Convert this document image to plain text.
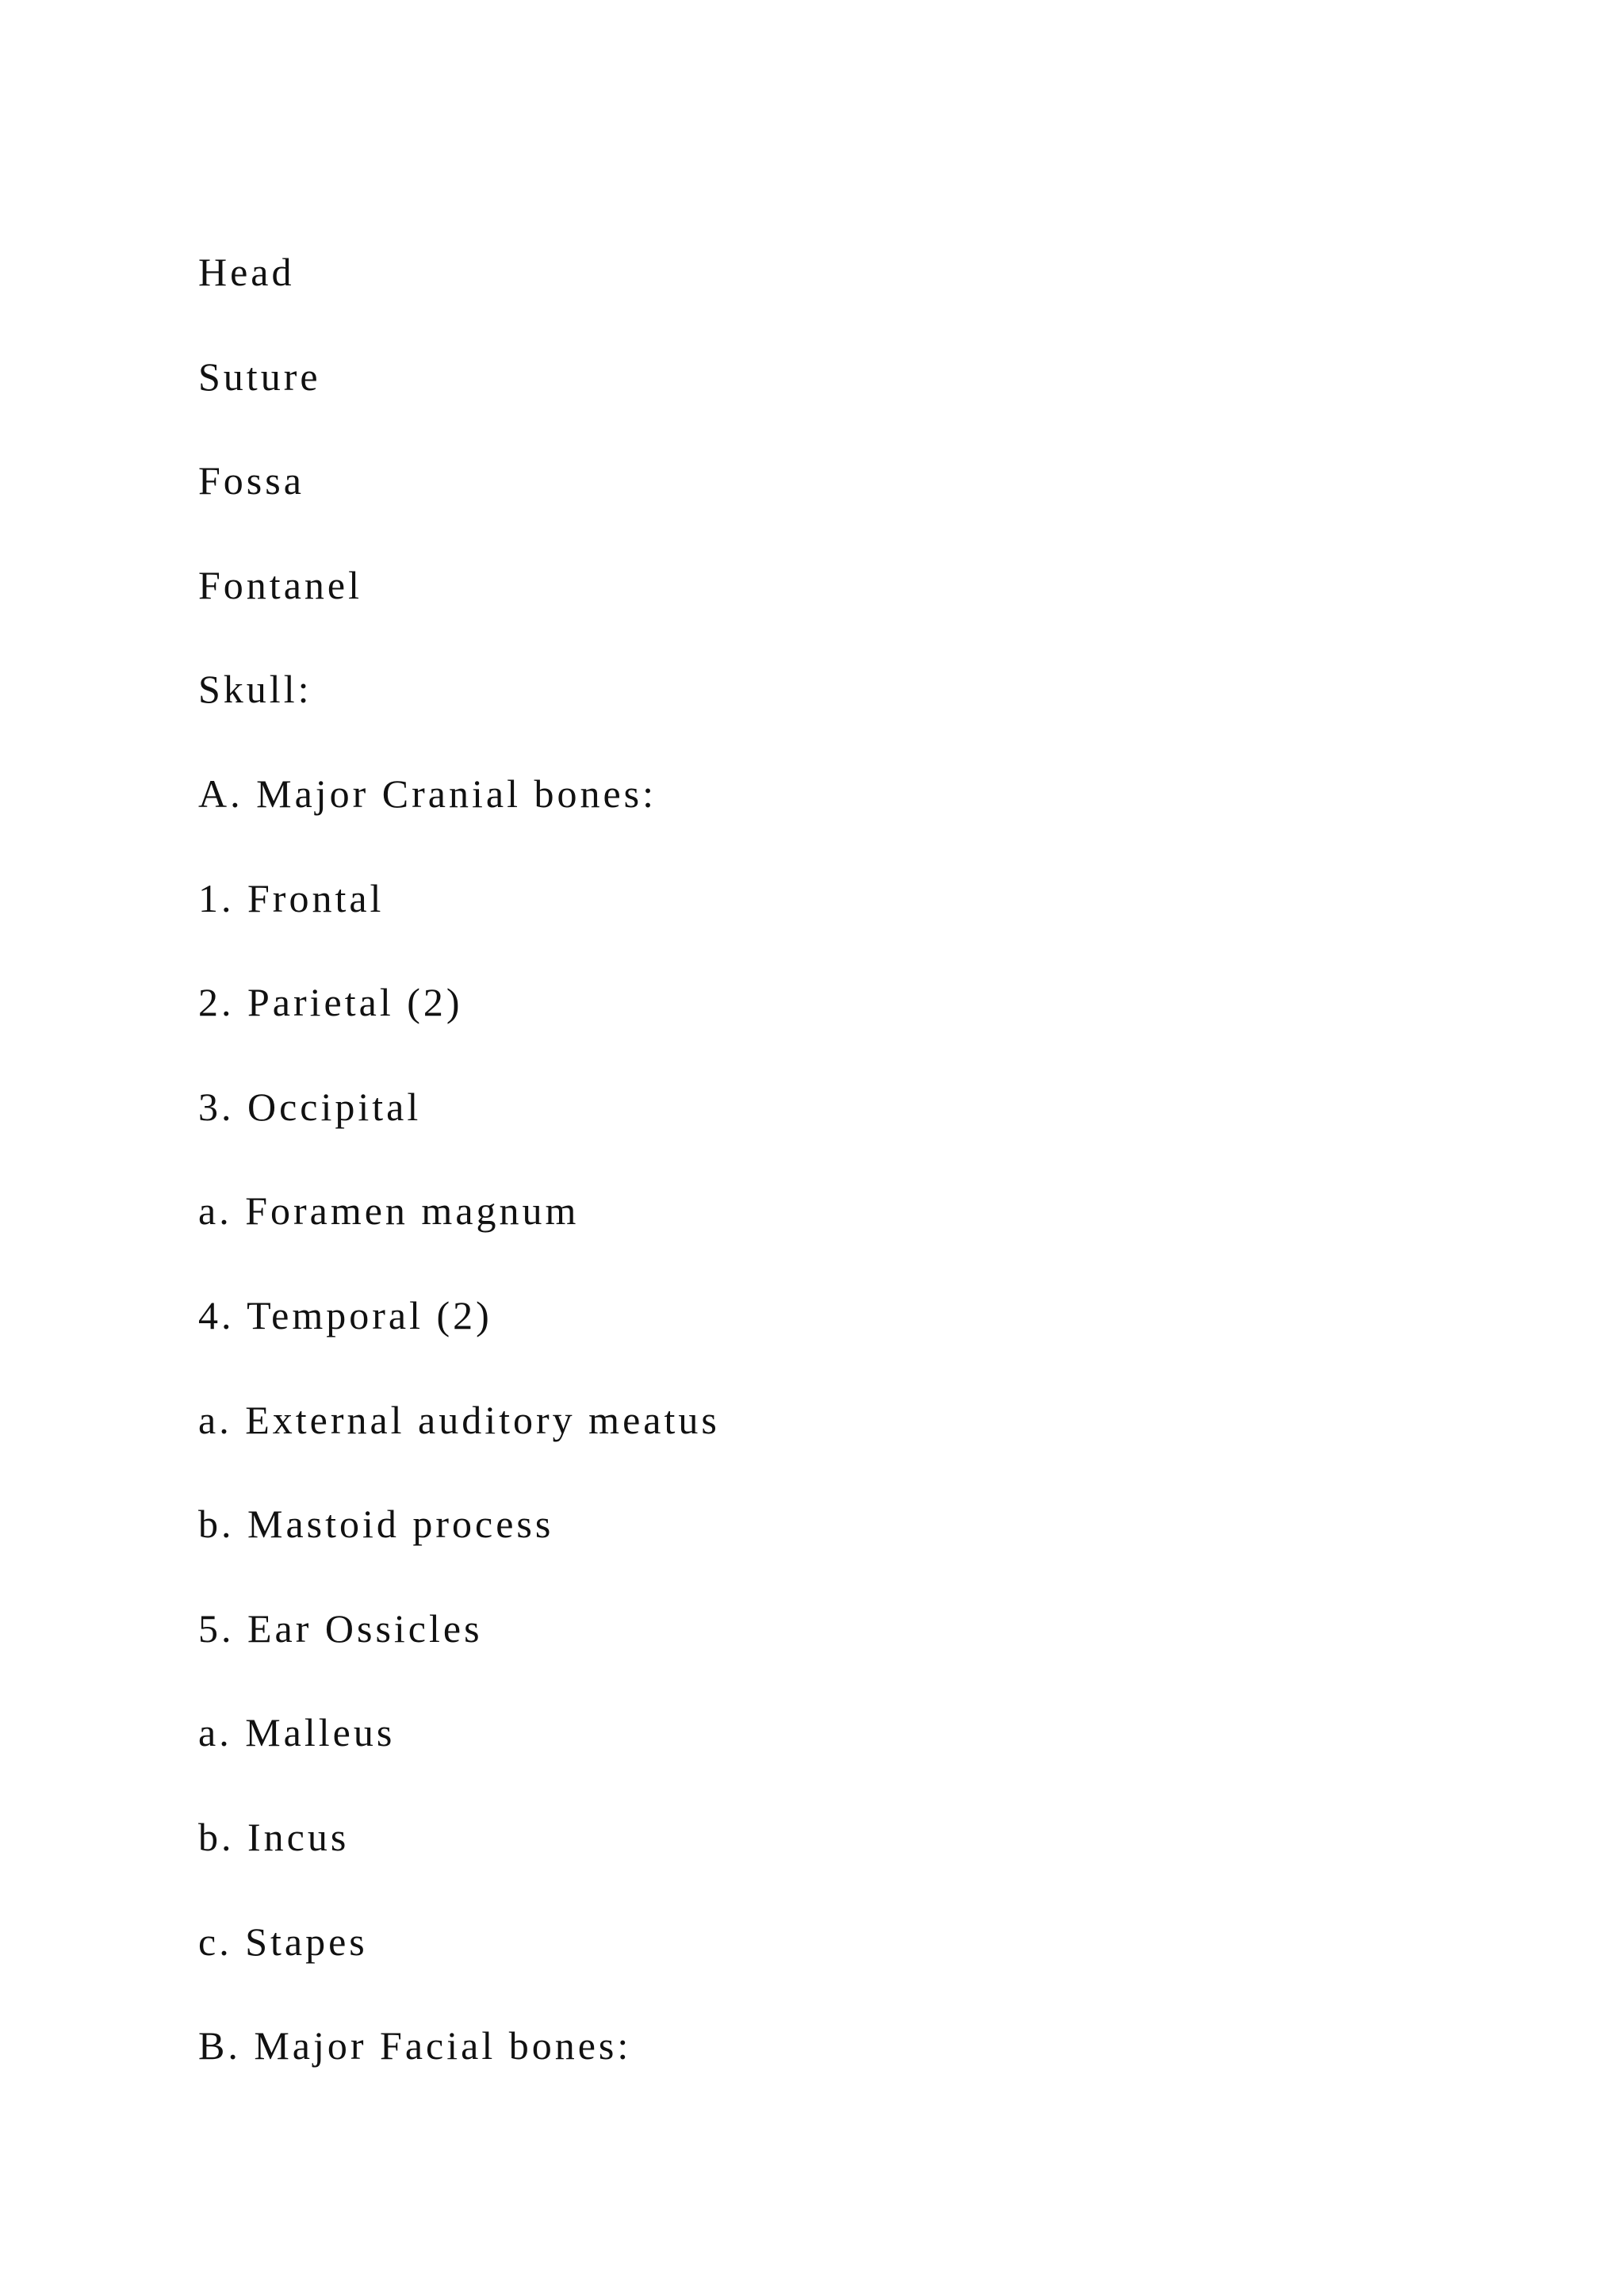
Head
Suture
Fossa
Fontanel
Skull:
A. Major Cranial bones:
1. Frontal
2. Parietal (2)
3. Occipital
a. Foramen magnum
4. Temporal (2)
a. External auditory meatus
b. Mastoid process
5. Ear Ossicles
a. Malleus
b. Incus
c. Stapes
B. Major Facial bones:
